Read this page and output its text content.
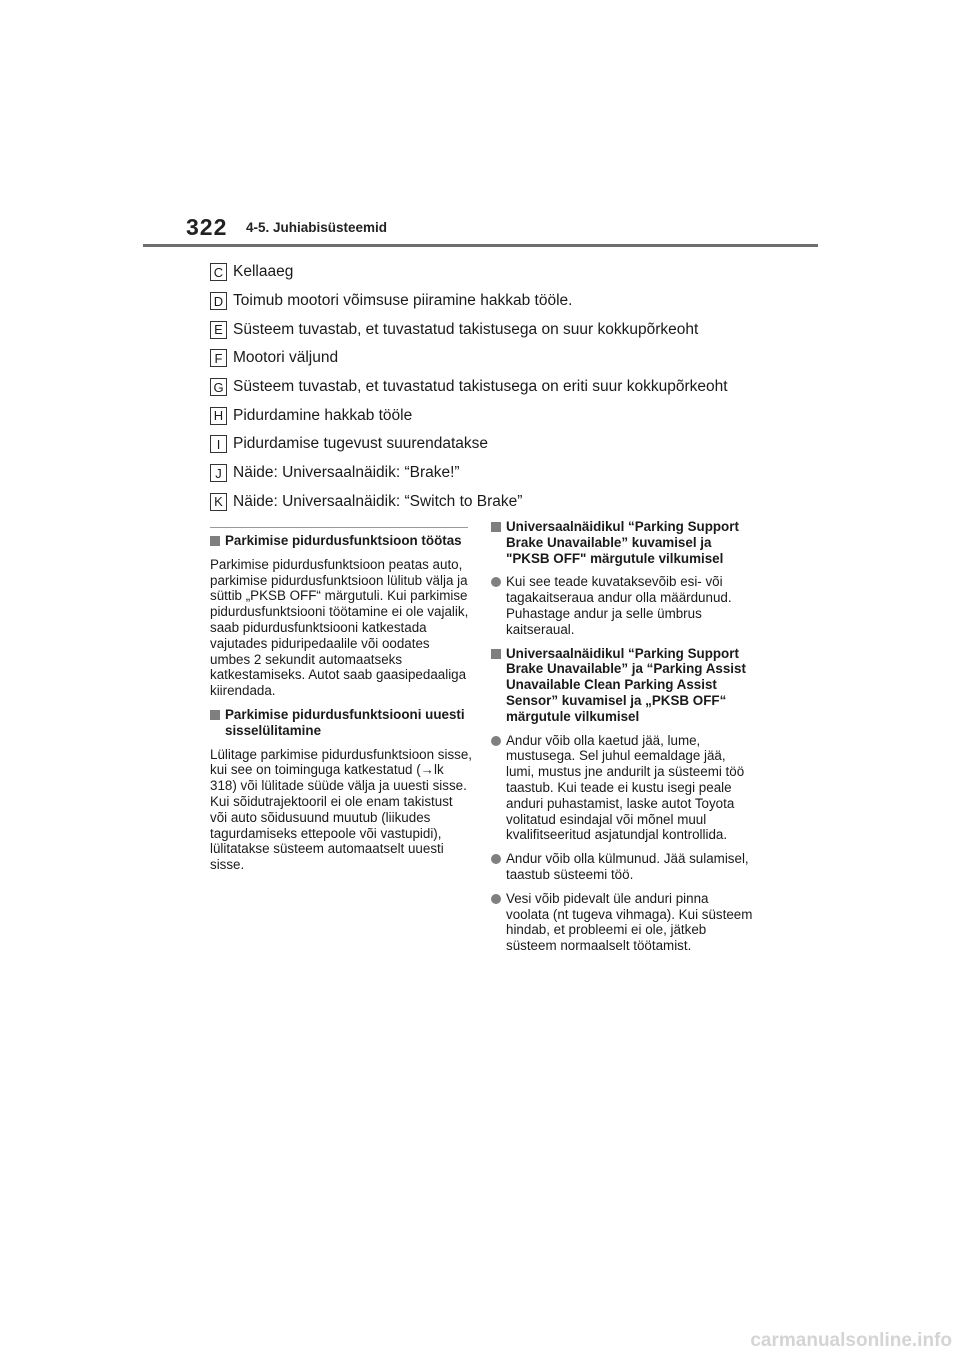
322 4-5. Juhiabisüsteemid
C Kellaaeg
D Toimub mootori võimsuse piiramine hakkab tööle.
E Süsteem tuvastab, et tuvastatud takistusega on suur kokkupõrkeoht
F Mootori väljund
G Süsteem tuvastab, et tuvastatud takistusega on eriti suur kokkupõrkeoht
H Pidurdamine hakkab tööle
I Pidurdamise tugevust suurendatakse
J Näide: Universaalnäidik: “Brake!”
K Näide: Universaalnäidik: “Switch to Brake”
Parkimise pidurdusfunktsioon töötas

Parkimise pidurdusfunktsioon peatas auto, parkimise pidurdusfunktsioon lülitub välja ja süttib „PKSB OFF“ märgutuli. Kui parkimise pidurdusfunktsiooni töötamine ei ole vajalik, saab pidurdusfunktsiooni katkestada vajutades piduripedaalile või oodates umbes 2 sekundit automaatseks katkestamiseks. Autot saab gaasipedaaliga kiirendada.

Parkimise pidurdusfunktsiooni uuesti sisselülitamine

Lülitage parkimise pidurdusfunktsioon sisse, kui see on toiminguga katkestatud (→lk 318) või lülitade süüde välja ja uuesti sisse. Kui sõidutrajektooril ei ole enam takistust või auto sõidusuund muutub (liikudes tagurdamiseks ettepoole või vastupidi), lülitatakse süsteem automaatselt uuesti sisse.

Universaalnäidikul “Parking Support Brake Unavailable” kuvamisel ja "PKSB OFF" märgutule vilkumisel
Kui see teade kuvataksevõib esi- või tagakaitseraua andur olla määrdunud. Puhastage andur ja selle ümbrus kaitseraual.
Universaalnäidikul “Parking Support Brake Unavailable” ja “Parking Assist Unavailable Clean Parking Assist Sensor” kuvamisel ja „PKSB OFF“ märgutule vilkumisel
Andur võib olla kaetud jää, lume, mustusega. Sel juhul eemaldage jää, lumi, mustus jne andurilt ja süsteemi töö taastub. Kui teade ei kustu isegi peale anduri puhastamist, laske autot Toyota volitatud esindajal või mõnel muul kvalifitseeritud asjatundjal kontrollida.
Andur võib olla külmunud. Jää sulamisel, taastub süsteemi töö.
Vesi võib pidevalt üle anduri pinna voolata (nt tugeva vihmaga). Kui süsteem hindab, et probleemi ei ole, jätkeb süsteem normaalselt töötamist.
carmanualsonline.info
